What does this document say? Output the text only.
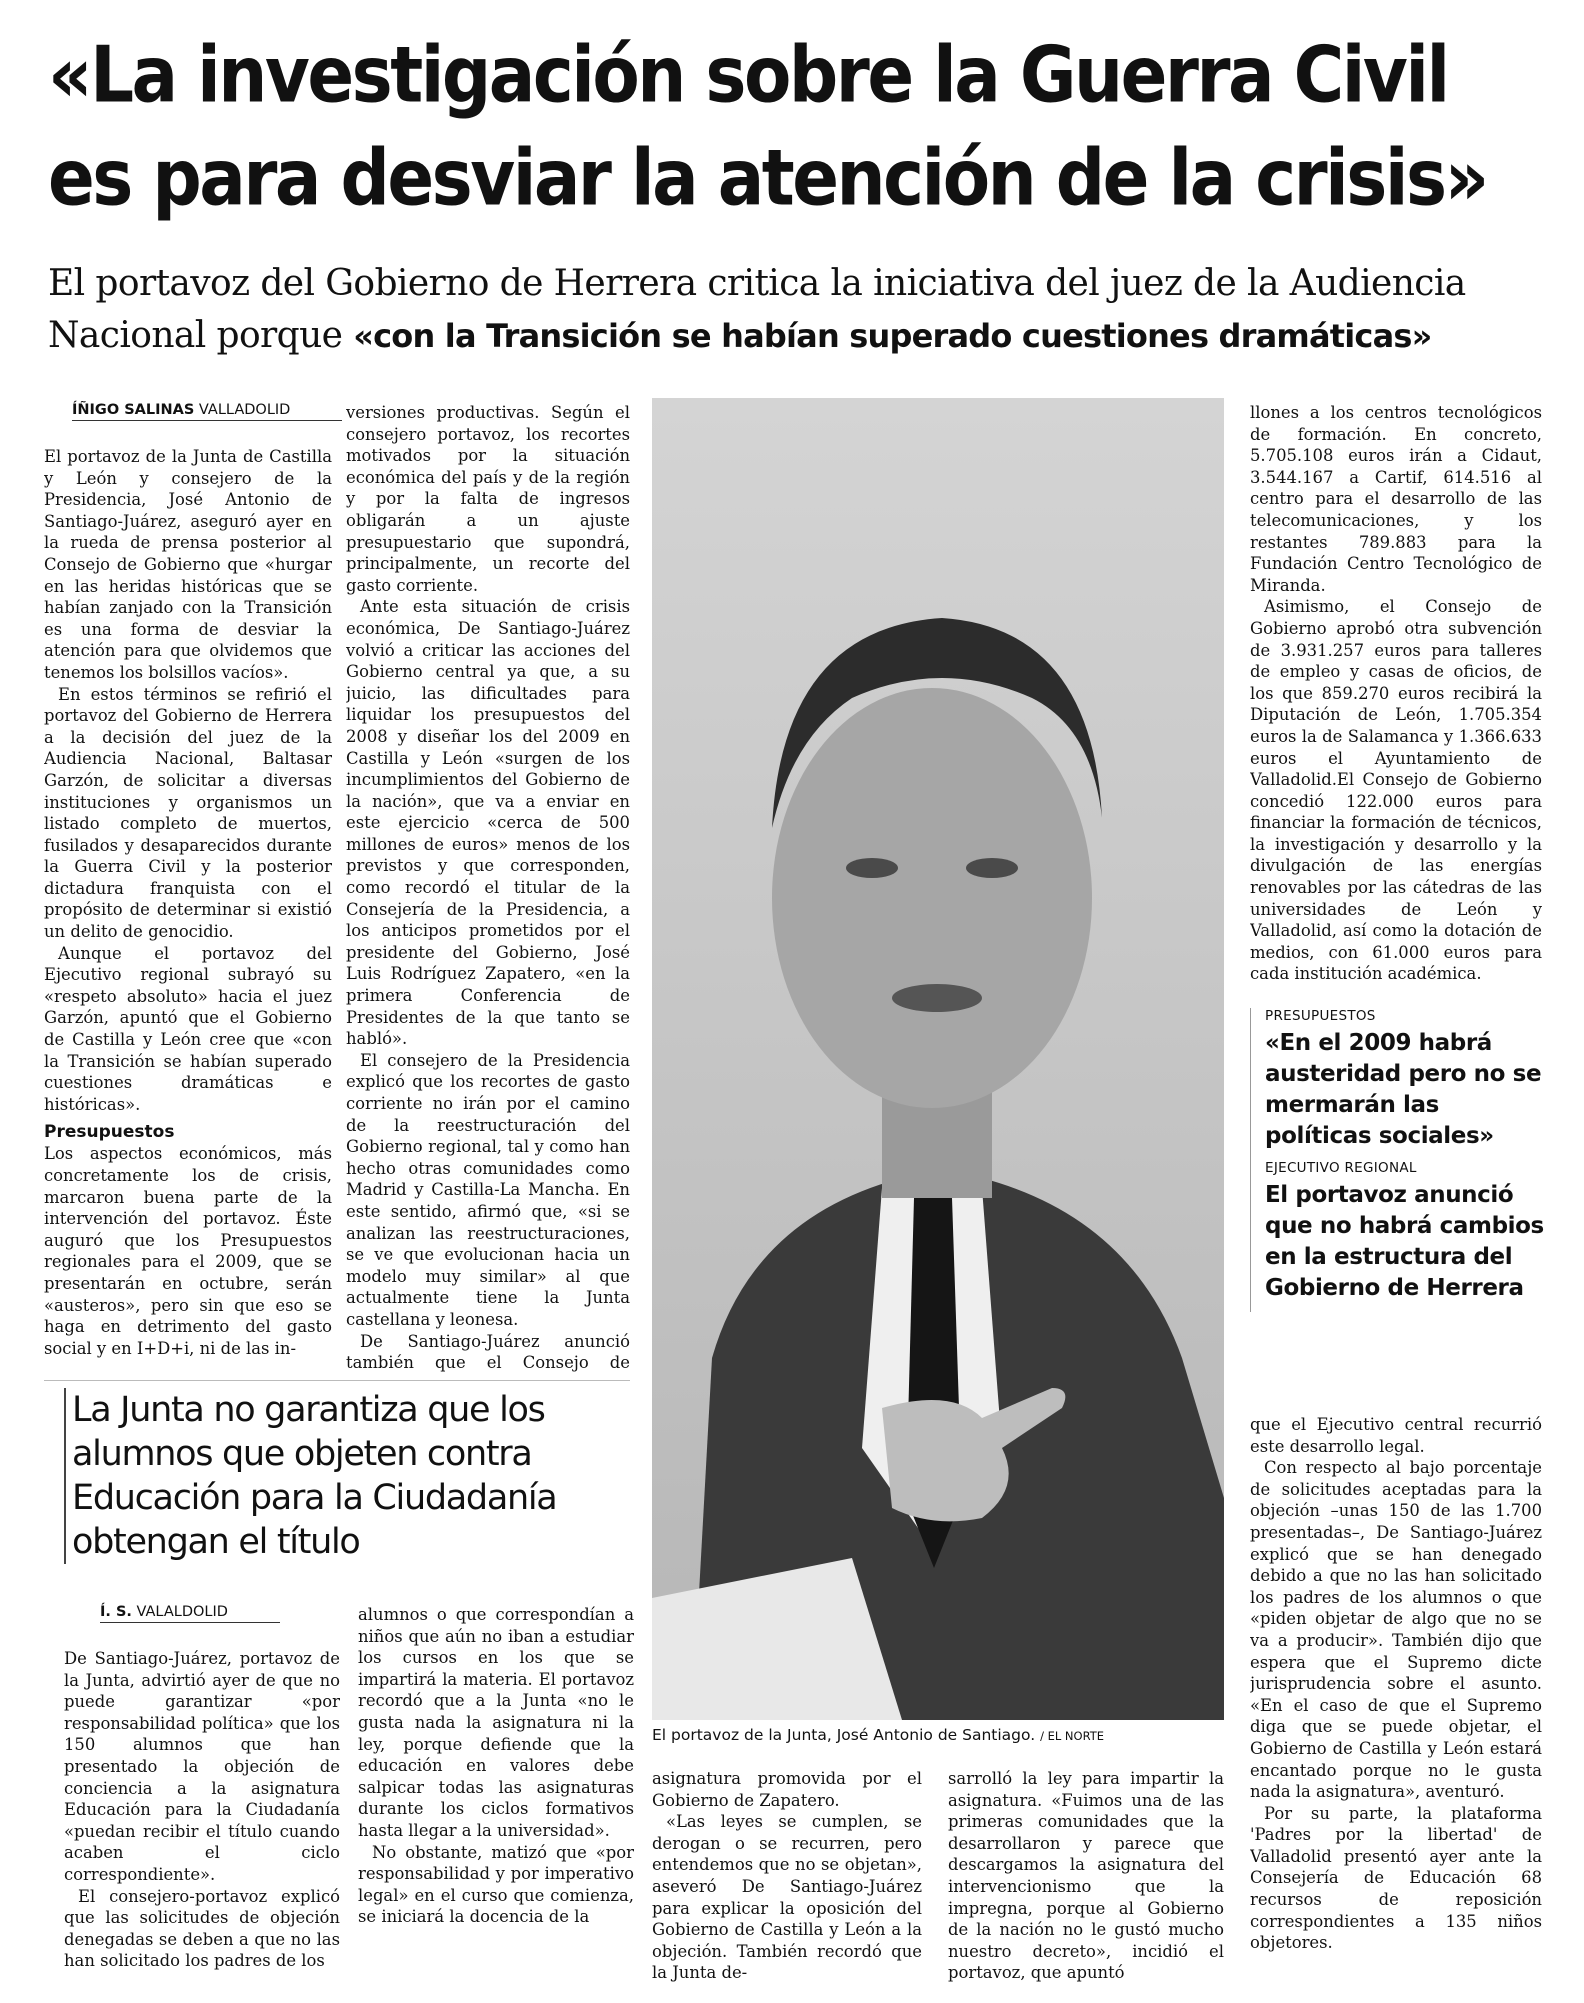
«La investigación sobre la Guerra Civil
es para desviar la atención de la crisis»
El portavoz del Gobierno de Herrera critica la iniciativa del juez de la Audiencia
Nacional porque «con la Transición se habían superado cuestiones dramáticas»
ÍÑIGO SALINAS VALLADOLID

El portavoz de la Junta de Castilla y León y consejero de la Presidencia, José Antonio de Santiago-Juárez, aseguró ayer en la rueda de prensa posterior al Consejo de Gobierno que «hurgar en las heridas históricas que se habían zanjado con la Transición es una forma de desviar la atención para que olvidemos que tenemos los bolsillos vacíos».

En estos términos se refirió el portavoz del Gobierno de Herrera a la decisión del juez de la Audiencia Nacional, Baltasar Garzón, de solicitar a diversas instituciones y organismos un listado completo de muertos, fusilados y desaparecidos durante la Guerra Civil y la posterior dictadura franquista con el propósito de determinar si existió un delito de genocidio.

Aunque el portavoz del Ejecutivo regional subrayó su «respeto absoluto» hacia el juez Garzón, apuntó que el Gobierno de Castilla y León cree que «con la Transición se habían superado cuestiones dramáticas e históricas».

Presupuestos

Los aspectos económicos, más concretamente los de crisis, marcaron buena parte de la intervención del portavoz. Éste auguró que los Presupuestos regionales para el 2009, que se presentarán en octubre, serán «austeros», pero sin que eso se haga en detrimento del gasto social y en I+D+i, ni de las in-

versiones productivas. Según el consejero portavoz, los recortes motivados por la situación económica del país y de la región y por la falta de ingresos obligarán a un ajuste presupuestario que supondrá, principalmente, un recorte del gasto corriente.

Ante esta situación de crisis económica, De Santiago-Juárez volvió a criticar las acciones del Gobierno central ya que, a su juicio, las dificultades para liquidar los presupuestos del 2008 y diseñar los del 2009 en Castilla y León «surgen de los incumplimientos del Gobierno de la nación», que va a enviar en este ejercicio «cerca de 500 millones de euros» menos de los previstos y que corresponden, como recordó el titular de la Consejería de la Presidencia, a los anticipos prometidos por el presidente del Gobierno, José Luis Rodríguez Zapatero, «en la primera Conferencia de Presidentes de la que tanto se habló».

El consejero de la Presidencia explicó que los recortes de gasto corriente no irán por el camino de la reestructuración del Gobierno regional, tal y como han hecho otras comunidades como Madrid y Castilla-La Mancha. En este sentido, afirmó que, «si se analizan las reestructuraciones, se ve que evolucionan hacia un modelo muy similar» al que actualmente tiene la Junta castellana y leonesa.

De Santiago-Juárez anunció también que el Consejo de

El portavoz de la Junta, José Antonio de Santiago. / EL NORTE

llones a los centros tecnológicos de formación. En concreto, 5.705.108 euros irán a Cidaut, 3.544.167 a Cartif, 614.516 al centro para el desarrollo de las telecomunicaciones, y los restantes 789.883 para la Fundación Centro Tecnológico de Miranda.

Asimismo, el Consejo de Gobierno aprobó otra subvención de 3.931.257 euros para talleres de empleo y casas de oficios, de los que 859.270 euros recibirá la Diputación de León, 1.705.354 euros la de Salamanca y 1.366.633 euros el Ayuntamiento de Valladolid.El Consejo de Gobierno concedió 122.000 euros para financiar la formación de técnicos, la investigación y desarrollo y la divulgación de las energías renovables por las cátedras de las universidades de León y Valladolid, así como la dotación de medios, con 61.000 euros para cada institución académica.

PRESUPUESTOS
«En el 2009 habrá austeridad pero no se mermarán las políticas sociales»
EJECUTIVO REGIONAL
El portavoz anunció que no habrá cambios en la estructura del Gobierno de Herrera
La Junta no garantiza que los alumnos que objeten contra Educación para la Ciudadanía obtengan el título
Í. S. VALALDOLID

De Santiago-Juárez, portavoz de la Junta, advirtió ayer de que no puede garantizar «por responsabilidad política» que los 150 alumnos que han presentado la objeción de conciencia a la asignatura Educación para la Ciudadanía «puedan recibir el título cuando acaben el ciclo correspondiente».

El consejero-portavoz explicó que las solicitudes de objeción denegadas se deben a que no las han solicitado los padres de los

alumnos o que correspondían a niños que aún no iban a estudiar los cursos en los que se impartirá la materia. El portavoz recordó que a la Junta «no le gusta nada la asignatura ni la ley, porque defiende que la educación en valores debe salpicar todas las asignaturas durante los ciclos formativos hasta llegar a la universidad».

No obstante, matizó que «por responsabilidad y por imperativo legal» en el curso que comienza, se iniciará la docencia de la

asignatura promovida por el Gobierno de Zapatero.

«Las leyes se cumplen, se derogan o se recurren, pero entendemos que no se objetan», aseveró De Santiago-Juárez para explicar la oposición del Gobierno de Castilla y León a la objeción. También recordó que la Junta de-

sarrolló la ley para impartir la asignatura. «Fuimos una de las primeras comunidades que la desarrollaron y parece que descargamos la asignatura del intervencionismo que la impregna, porque al Gobierno de la nación no le gustó mucho nuestro decreto», incidió el portavoz, que apuntó

que el Ejecutivo central recurrió este desarrollo legal.

Con respecto al bajo porcentaje de solicitudes aceptadas para la objeción –unas 150 de las 1.700 presentadas–, De Santiago-Juárez explicó que se han denegado debido a que no las han solicitado los padres de los alumnos o que «piden objetar de algo que no se va a producir». También dijo que espera que el Supremo dicte jurisprudencia sobre el asunto. «En el caso de que el Supremo diga que se puede objetar, el Gobierno de Castilla y León estará encantado porque no le gusta nada la asignatura», aventuró.

Por su parte, la plataforma 'Padres por la libertad' de Valladolid presentó ayer ante la Consejería de Educación 68 recursos de reposición correspondientes a 135 niños objetores.
